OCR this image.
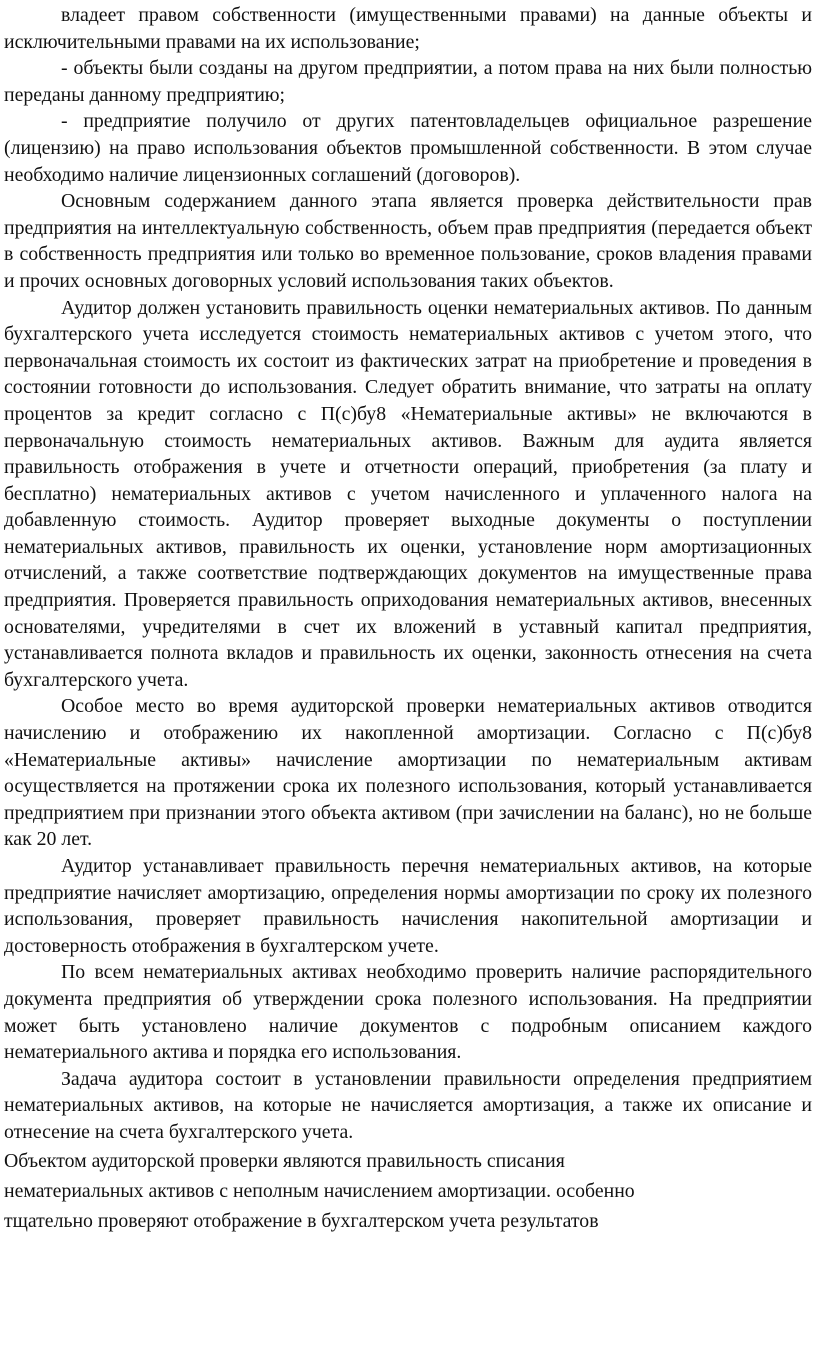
владеет правом собственности (имущественными правами) на данные объекты и исключительными правами на их использование;

- объекты были созданы на другом предприятии, а потом права на них были полностью переданы данному предприятию;

- предприятие получило от других патентовладельцев официальное разрешение (лицензию) на право использования объектов промышленной собственности. В этом случае необходимо наличие лицензионных соглашений (договоров).

Основным содержанием данного этапа является проверка действительности прав предприятия на интеллектуальную собственность, объем прав предприятия (передается объект в собственность предприятия или только во временное пользование, сроков владения правами и прочих основных договорных условий использования таких объектов.

Аудитор должен установить правильность оценки нематериальных активов. По данным бухгалтерского учета исследуется стоимость нематериальных активов с учетом этого, что первоначальная стоимость их состоит из фактических затрат на приобретение и проведения в состоянии готовности до использования. Следует обратить внимание, что затраты на оплату процентов за кредит согласно с П(с)бу8 «Нематериальные активы» не включаются в первоначальную стоимость нематериальных активов. Важным для аудита является правильность отображения в учете и отчетности операций, приобретения (за плату и бесплатно) нематериальных активов с учетом начисленного и уплаченного налога на добавленную стоимость. Аудитор проверяет выходные документы о поступлении нематериальных активов, правильность их оценки, установление норм амортизационных отчислений, а также соответствие подтверждающих документов на имущественные права предприятия. Проверяется правильность оприходования нематериальных активов, внесенных основателями, учредителями в счет их вложений в уставный капитал предприятия, устанавливается полнота вкладов и правильность их оценки, законность отнесения на счета бухгалтерского учета.

Особое место во время аудиторской проверки нематериальных активов отводится начислению и отображению их накопленной амортизации. Согласно с П(с)бу8 «Нематериальные активы» начисление амортизации по нематериальным активам осуществляется на протяжении срока их полезного использования, который устанавливается предприятием при признании этого объекта активом (при зачислении на баланс), но не больше как 20 лет.

Аудитор устанавливает правильность перечня нематериальных активов, на которые предприятие начисляет амортизацию, определения нормы амортизации по сроку их полезного использования, проверяет правильность начисления накопительной амортизации и достоверность отображения в бухгалтерском учете.

По всем нематериальных активах необходимо проверить наличие распорядительного документа предприятия об утверждении срока полезного использования. На предприятии может быть установлено наличие документов с подробным описанием каждого нематериального актива и порядка его использования.

Задача аудитора состоит в установлении правильности определения предприятием нематериальных активов, на которые не начисляется амортизация, а также их описание и отнесение на счета бухгалтерского учета.

Объектом аудиторской проверки являются правильность списания

нематериальных активов с неполным начислением амортизации. особенно

тщательно проверяют отображение в бухгалтерском учета результатов
